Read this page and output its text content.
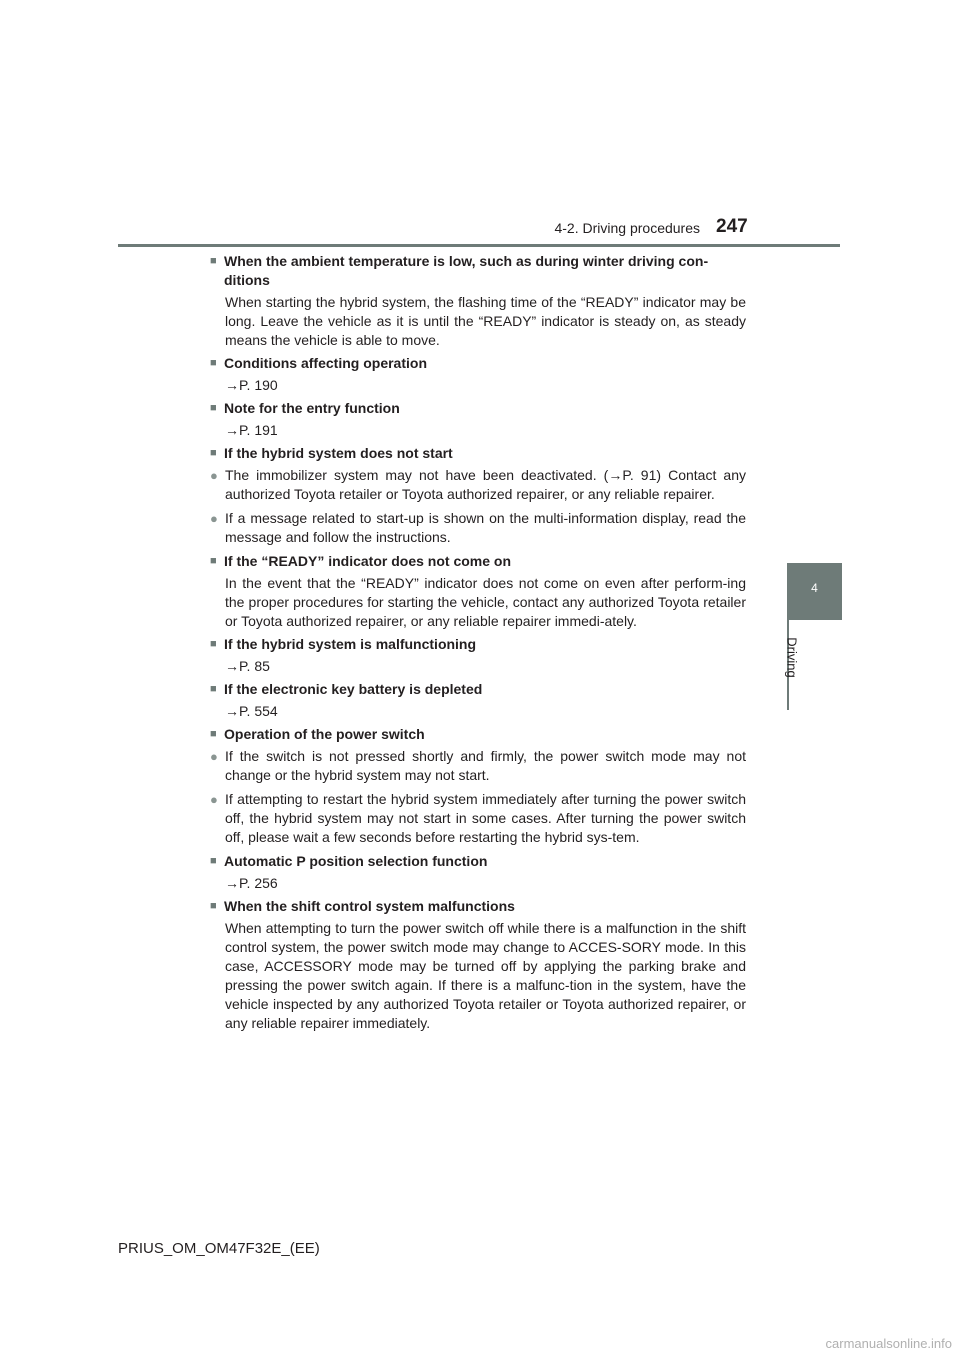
4-2. Driving procedures 247
4
Driving
■ When the ambient temperature is low, such as during winter driving con-ditions
When starting the hybrid system, the flashing time of the “READY” indicator may be long. Leave the vehicle as it is until the “READY” indicator is steady on, as steady means the vehicle is able to move.
■ Conditions affecting operation
→P. 190
■ Note for the entry function
→P. 191
■ If the hybrid system does not start
● The immobilizer system may not have been deactivated. (→P. 91) Contact any authorized Toyota retailer or Toyota authorized repairer, or any reliable repairer.
● If a message related to start-up is shown on the multi-information display, read the message and follow the instructions.
■ If the “READY” indicator does not come on
In the event that the “READY” indicator does not come on even after perform-ing the proper procedures for starting the vehicle, contact any authorized Toyota retailer or Toyota authorized repairer, or any reliable repairer immedi-ately.
■ If the hybrid system is malfunctioning
→P. 85
■ If the electronic key battery is depleted
→P. 554
■ Operation of the power switch
● If the switch is not pressed shortly and firmly, the power switch mode may not change or the hybrid system may not start.
● If attempting to restart the hybrid system immediately after turning the power switch off, the hybrid system may not start in some cases. After turning the power switch off, please wait a few seconds before restarting the hybrid sys-tem.
■ Automatic P position selection function
→P. 256
■ When the shift control system malfunctions
When attempting to turn the power switch off while there is a malfunction in the shift control system, the power switch mode may change to ACCES-SORY mode. In this case, ACCESSORY mode may be turned off by applying the parking brake and pressing the power switch again. If there is a malfunc-tion in the system, have the vehicle inspected by any authorized Toyota retailer or Toyota authorized repairer, or any reliable repairer immediately.
PRIUS_OM_OM47F32E_(EE)
carmanualsonline.info
